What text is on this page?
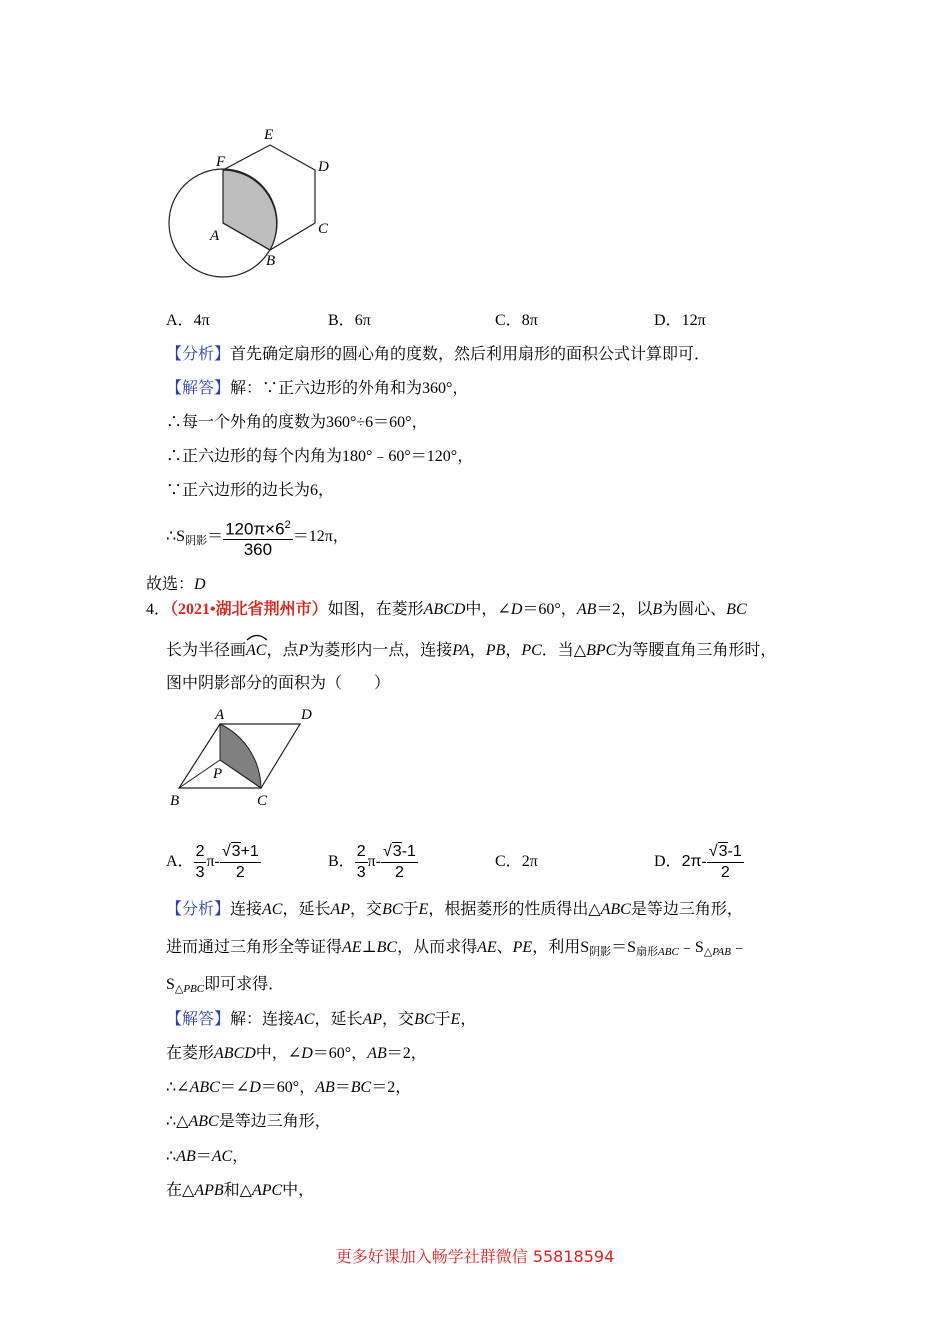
E
F	D
A	C
B
A．4π	B．6π	C．8π	D．12π
【分析】首先确定扇形的圆心角的度数，然后利用扇形的面积公式计算即可．
【解答】解：∵正六边形的外角和为360°，
∴每一个外角的度数为360°÷6＝60°，
∴正六边形的每个内角为180°﹣60°＝120°，
∵正六边形的边长为6，
$\therefore S_{阴影}= \frac{120\pi\times 6^2}{360} =12\pi$，
故选：D
4．（2021•湖北省荆州市）如图，在菱形ABCD中，∠D＝60°，AB＝2，以B为圆心、BC
长为半径画
AC，点P为菱形内一点，连接PA，PB，PC．当△BPC为等腰直角三角形时，
图中阴影部分的面积为（　　）
A	D
P
B	C
A． $\frac{2}{3} \pi- \frac{√3+1}{2}$	B． $\frac{2}{3} \pi- \frac{√3-1}{2}$	C．2π	D．$2\pi- \frac{√3-1}{2}$
【分析】连接AC，延长AP，交BC于E，根据菱形的性质得出△ABC是等边三角形，
进而通过三角形全等证得AE⊥BC，从而求得AE、PE，利用$S_{阴影}=S_{扇形ABC}﹣S_{\triangle PAB}﹣$
$S_{\triangle PBC}$即可求得．
【解答】解：连接AC，延长AP，交BC于E，
在菱形ABCD中，∠D＝60°，AB＝2，
∴∠ABC＝∠D＝60°，AB＝BC＝2，
∴△ABC是等边三角形，
∴AB＝AC，
在△APB和△APC中，
更多好课加入畅学社群微信 55818594
